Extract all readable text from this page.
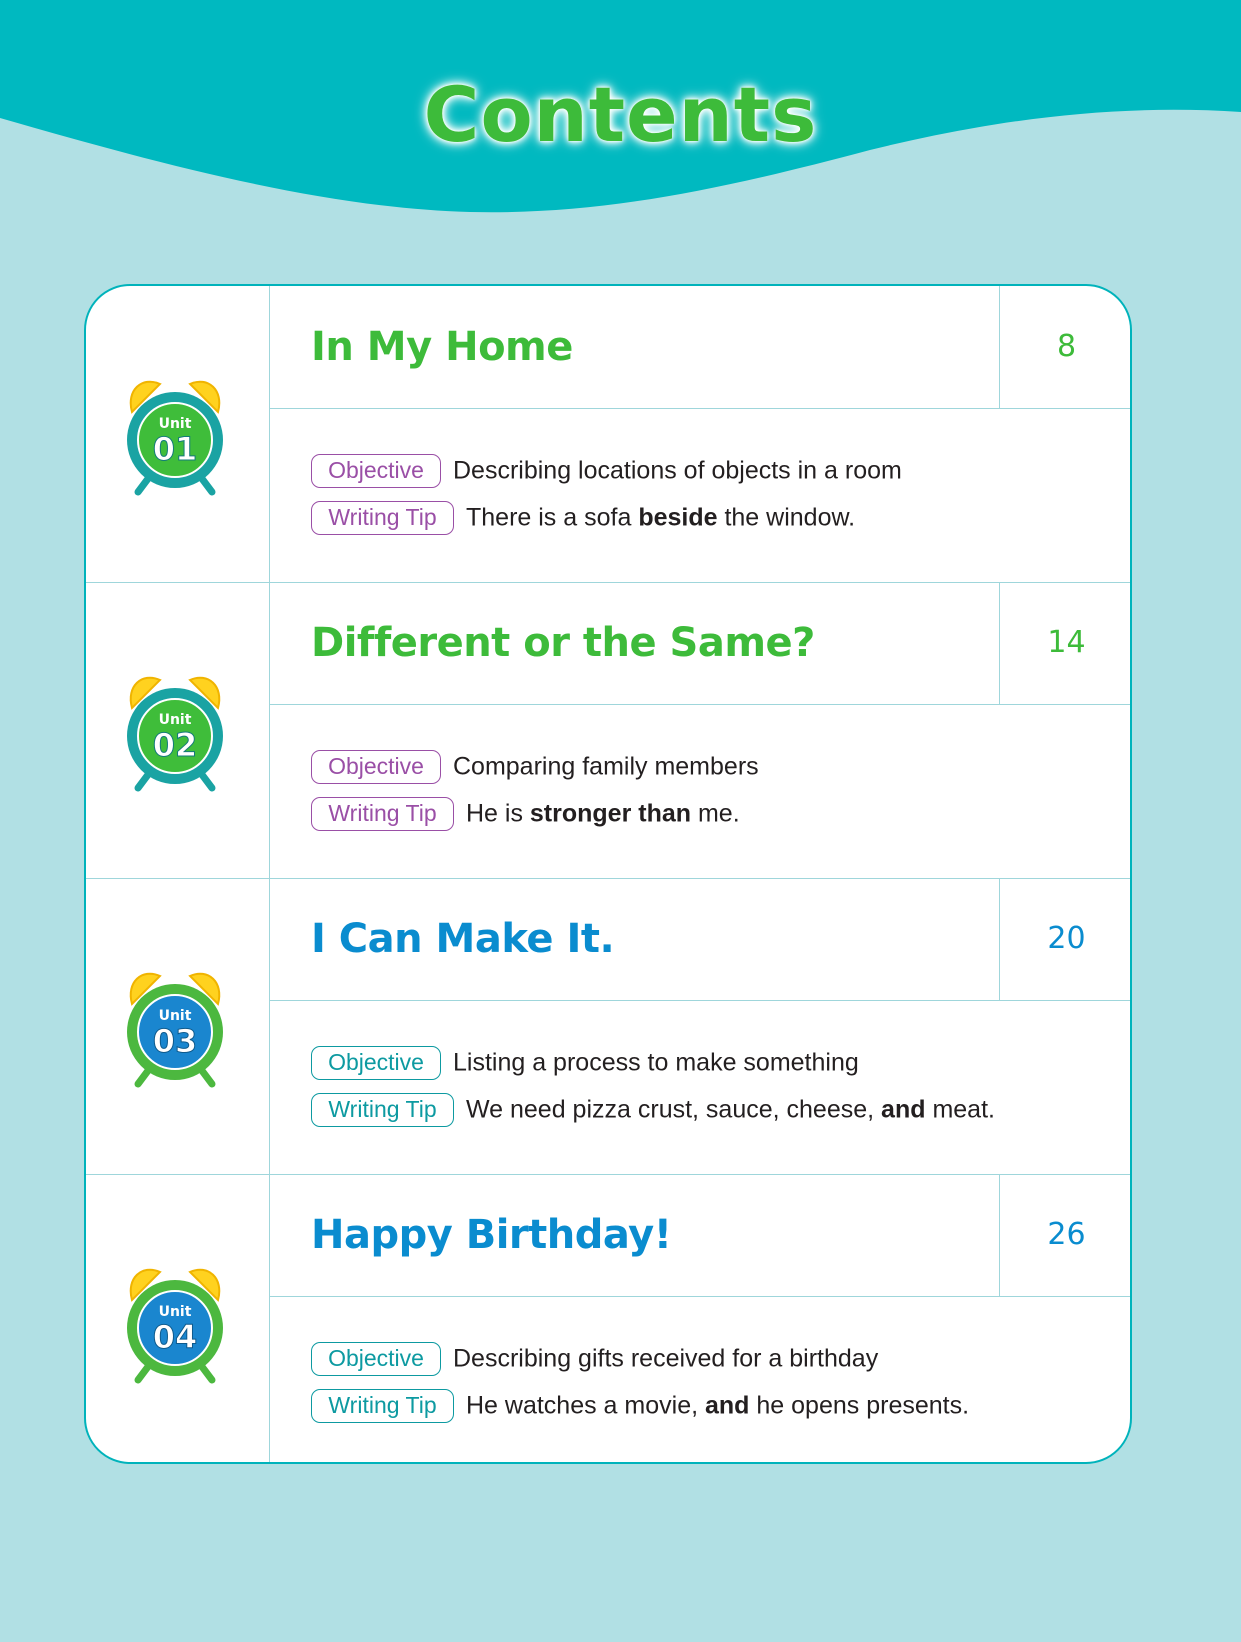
Contents
Unit
01
In My Home	8
Objective Describing locations of objects in a room
Writing Tip There is a sofa beside the window.
Unit
02
Different or the Same?	14
Objective Comparing family members
Writing Tip He is stronger than me.
Unit
03
I Can Make It.	20
Objective Listing a process to make something
Writing Tip We need pizza crust, sauce, cheese, and meat.
Unit
04
Happy Birthday!	26
Objective Describing gifts received for a birthday
Writing Tip He watches a movie, and he opens presents.
